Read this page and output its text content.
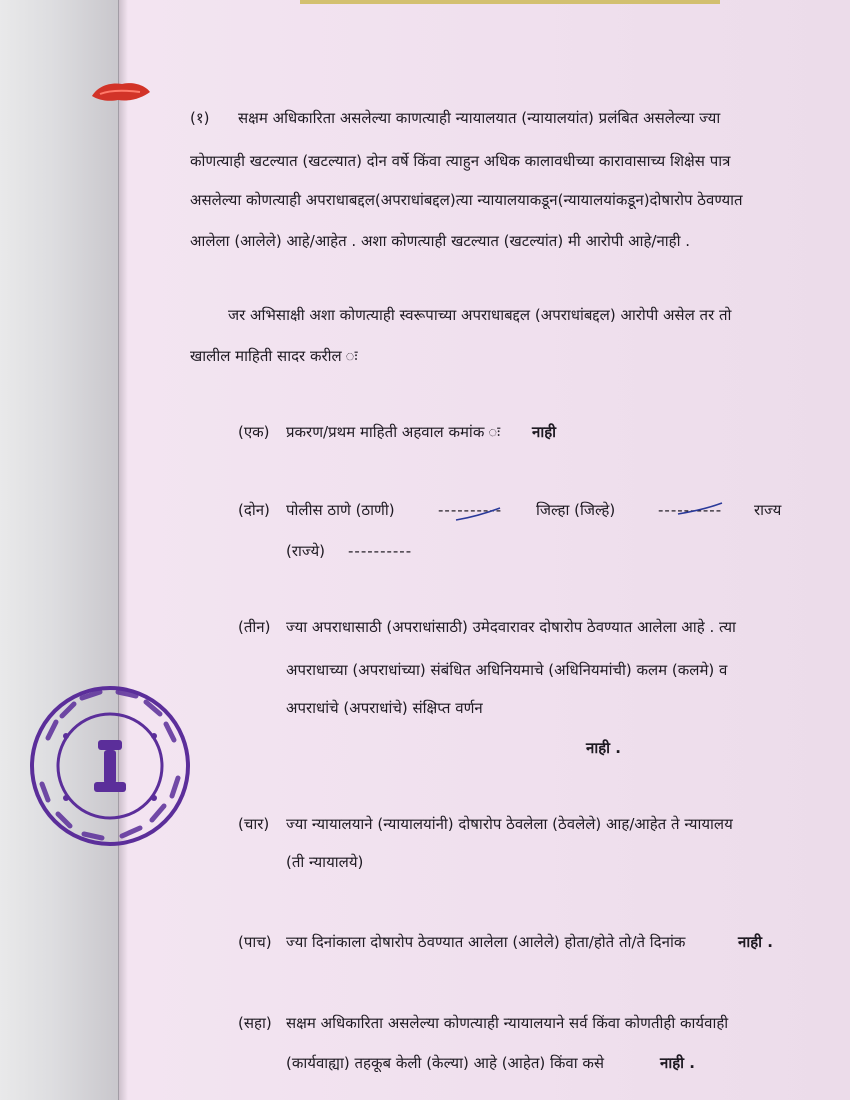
(१) सक्षम अधिकारिता असलेल्या काणत्याही न्यायालयात (न्यायालयांत) प्रलंबित असलेल्या ज्या
कोणत्याही खटल्यात (खटल्यात) दोन वर्षे किंवा त्याहुन अधिक कालावधीच्या कारावासाच्य शिक्षेस पात्र
असलेल्या कोणत्याही अपराधाबद्दल(अपराधांबद्दल)त्या न्यायालयाकडून(न्यायालयांकडून)दोषारोप ठेवण्यात
आलेला (आलेले) आहे/आहेत . अशा कोणत्याही खटल्यात (खटल्यांत) मी आरोपी आहे/नाही .
जर अभिसाक्षी अशा कोणत्याही स्वरूपाच्या अपराधाबद्दल (अपराधांबद्दल) आरोपी असेल तर तो
खालील माहिती सादर करील ः
(एक) प्रकरण/प्रथम माहिती अहवाल कमांक ः नाही
(दोन) पोलीस ठाणे (ठाणी)	---------- जिल्हा (जिल्हे)	---------- राज्य
(राज्ये) ----------
(तीन) ज्या अपराधासाठी (अपराधांसाठी) उमेदवारावर दोषारोप ठेवण्यात आलेला आहे . त्या
अपराधाच्या (अपराधांच्या) संबंधित अधिनियमाचे (अधिनियमांची) कलम (कलमे) व
अपराधांचे (अपराधांचे) संक्षिप्त वर्णन
नाही .
(चार) ज्या न्यायालयाने (न्यायालयांनी) दोषारोप ठेवलेला (ठेवलेले) आह/आहेत ते न्यायालय
(ती न्यायालये)
(पाच) ज्या दिनांकाला दोषारोप ठेवण्यात आलेला (आलेले) होता/होते तो/ते दिनांक	नाही .
(सहा) सक्षम अधिकारिता असलेल्या कोणत्याही न्यायालयाने सर्व किंवा कोणतीही कार्यवाही
(कार्यवाह्या) तहकूब केली (केल्या) आहे (आहेत) किंवा कसे	नाही .
